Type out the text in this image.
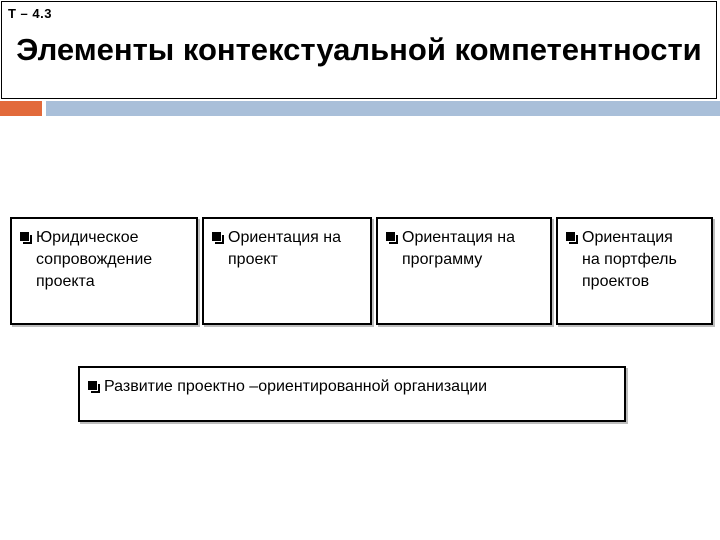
Т – 4.3
Элементы контекстуальной компетентности
Юридическое
сопровождение
проекта
Ориентация на
проект
Ориентация на
программу
Ориентация
на портфель
проектов
Развитие проектно –ориентированной организации
